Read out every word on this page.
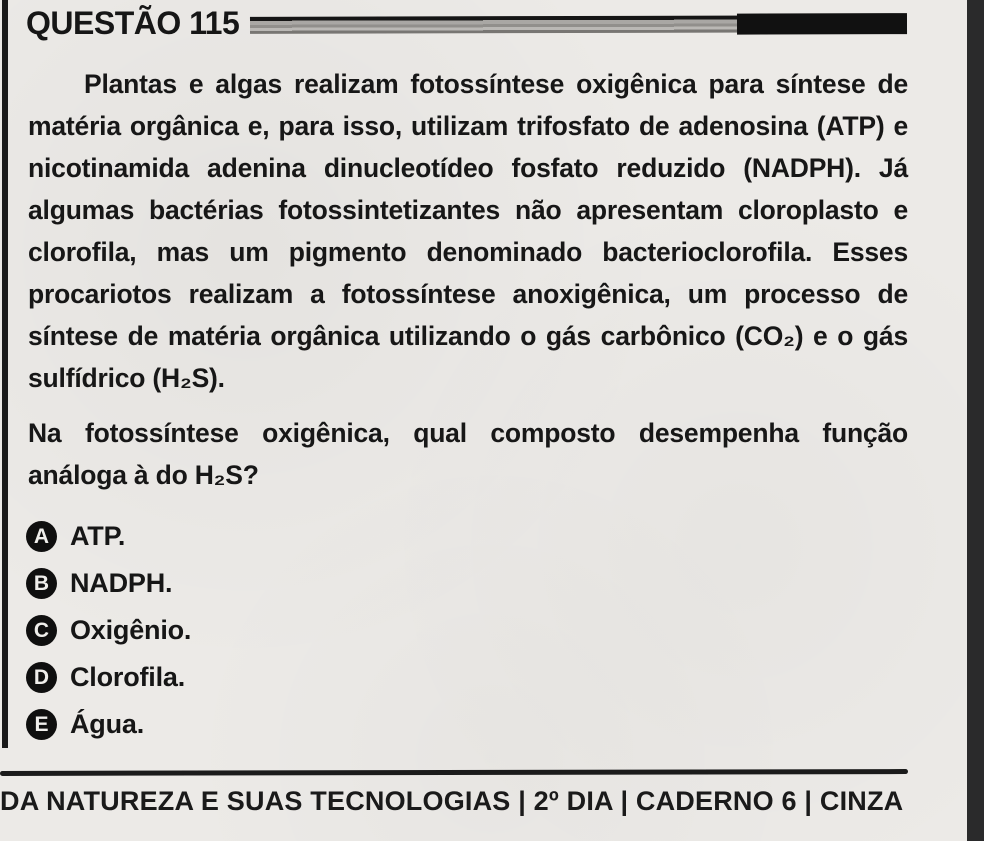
QUESTÃO 115
Plantas e algas realizam fotossíntese oxigênica para síntese de matéria orgânica e, para isso, utilizam trifosfato de adenosina (ATP) e nicotinamida adenina dinucleotídeo fosfato reduzido (NADPH). Já algumas bactérias fotossintetizantes não apresentam cloroplasto e clorofila, mas um pigmento denominado bacterioclorofila. Esses procariotos realizam a fotossíntese anoxigênica, um processo de síntese de matéria orgânica utilizando o gás carbônico (CO₂) e o gás sulfídrico (H₂S).
Na fotossíntese oxigênica, qual composto desempenha função análoga à do H₂S?
A ATP.
B NADPH.
C Oxigênio.
D Clorofila.
E Água.
DA NATUREZA E SUAS TECNOLOGIAS | 2º DIA | CADERNO 6 | CINZA
